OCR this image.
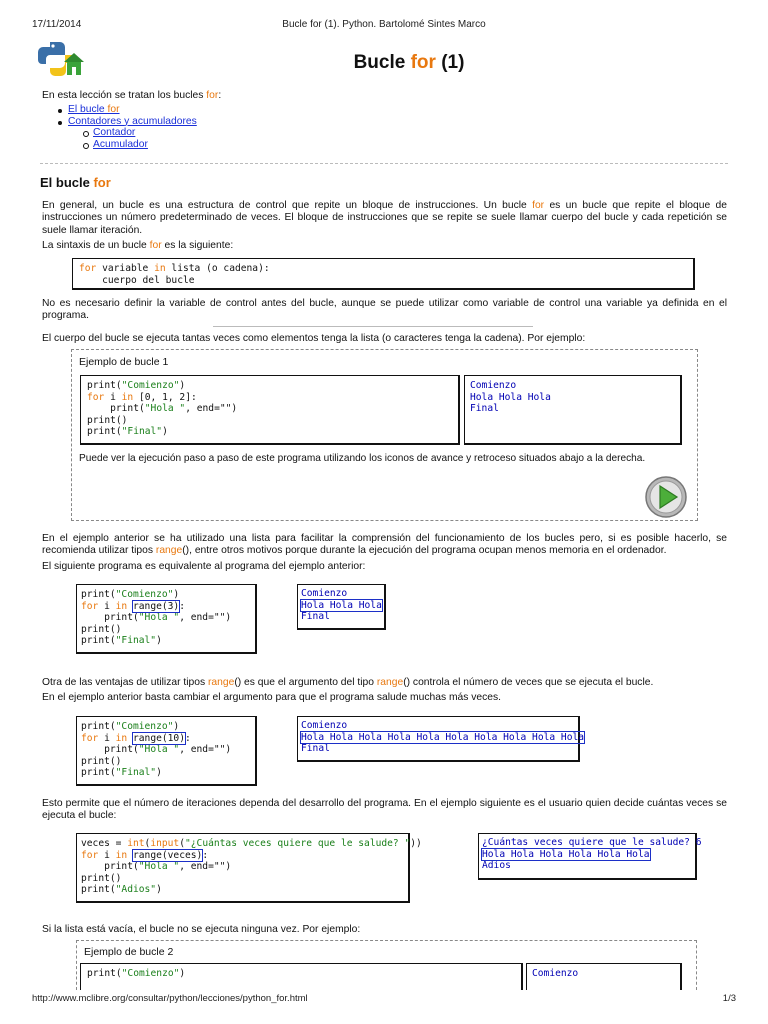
17/11/2014	Bucle for (1). Python. Bartolomé Sintes Marco
Bucle for (1)
En esta lección se tratan los bucles for:
El bucle for
Contadores y acumuladores
Contador
Acumulador
El bucle for
En general, un bucle es una estructura de control que repite un bloque de instrucciones. Un bucle for es un bucle que repite el bloque de instrucciones un número predeterminado de veces. El bloque de instrucciones que se repite se suele llamar cuerpo del bucle y cada repetición se suele llamar iteración.
La sintaxis de un bucle for es la siguiente:
for variable in lista (o cadena):
cuerpo del bucle
No es necesario definir la variable de control antes del bucle, aunque se puede utilizar como variable de control una variable ya definida en el programa.
El cuerpo del bucle se ejecuta tantas veces como elementos tenga la lista (o caracteres tenga la cadena). Por ejemplo:
Ejemplo de bucle 1
print("Comienzo")
for i in [0, 1, 2]:
print("Hola ", end="")
print()
print("Final")
Comienzo
Hola Hola Hola
Final
Puede ver la ejecución paso a paso de este programa utilizando los iconos de avance y retroceso situados abajo a la derecha.
En el ejemplo anterior se ha utilizado una lista para facilitar la comprensión del funcionamiento de los bucles pero, si es posible hacerlo, se recomienda utilizar tipos range(), entre otros motivos porque durante la ejecución del programa ocupan menos memoria en el ordenador.
El siguiente programa es equivalente al programa del ejemplo anterior:
print("Comienzo")
for i in range(3):
print("Hola ", end="")
print()
print("Final")
Comienzo
Hola Hola Hola
Final
Otra de las ventajas de utilizar tipos range() es que el argumento del tipo range() controla el número de veces que se ejecuta el bucle.
En el ejemplo anterior basta cambiar el argumento para que el programa salude muchas más veces.
print("Comienzo")
for i in range(10):
print("Hola ", end="")
print()
print("Final")
Comienzo
Hola Hola Hola Hola Hola Hola Hola Hola Hola Hola
Final
Esto permite que el número de iteraciones dependa del desarrollo del programa. En el ejemplo siguiente es el usuario quien decide cuántas veces se ejecuta el bucle:
veces = int(input("¿Cuántas veces quiere que le salude? "))
for i in range(veces):
print("Hola ", end="")
print()
print("Adios")
¿Cuántas veces quiere que le salude? 6
Hola Hola Hola Hola Hola Hola
Adios
Si la lista está vacía, el bucle no se ejecuta ninguna vez. Por ejemplo:
Ejemplo de bucle 2
print("Comienzo")	Comienzo
http://www.mclibre.org/consultar/python/lecciones/python_for.html	1/3
